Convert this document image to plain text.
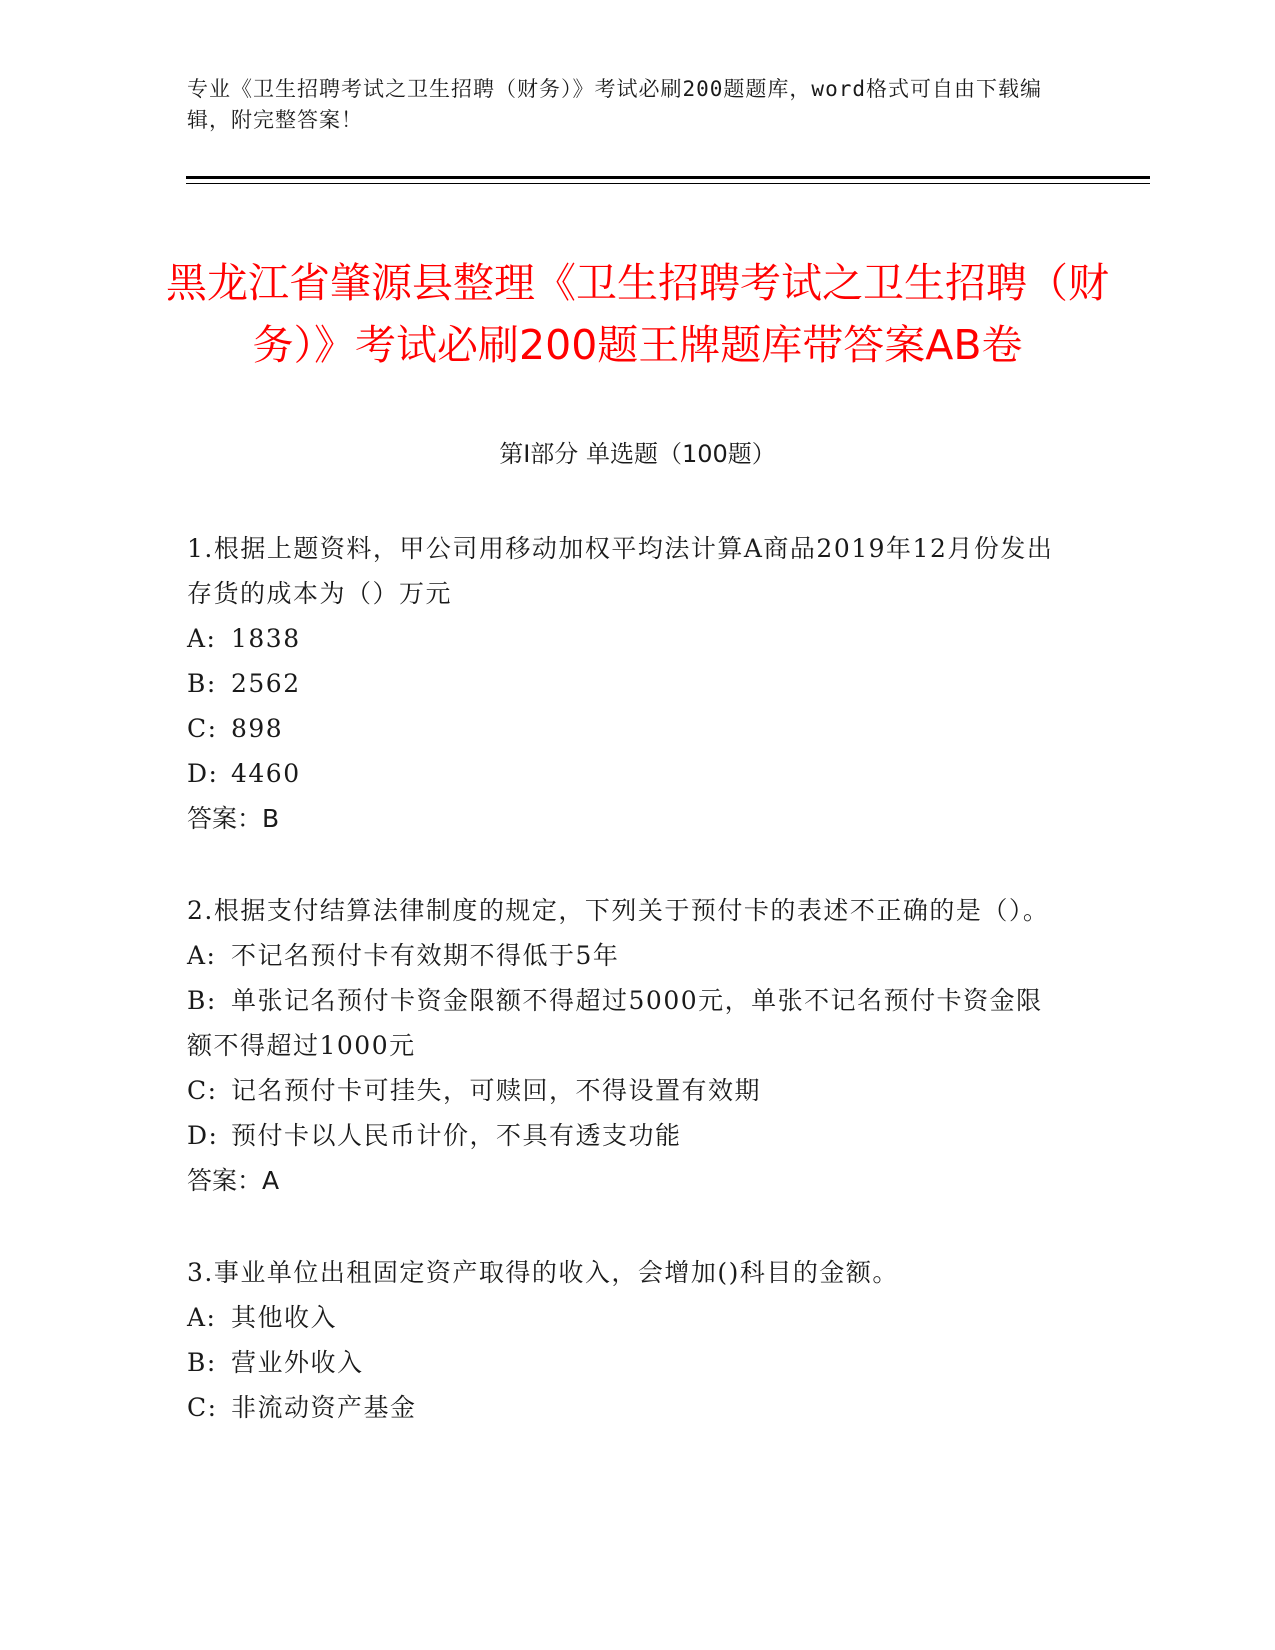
专业《卫生招聘考试之卫生招聘（财务）》考试必刷200题题库，word格式可自由下载编辑，附完整答案！
黑龙江省肇源县整理《卫生招聘考试之卫生招聘（财务）》考试必刷200题王牌题库带答案AB卷
第I部分 单选题（100题）
1.根据上题资料，甲公司用移动加权平均法计算A商品2019年12月份发出存货的成本为（）万元
A: 1838
B: 2562
C: 898
D: 4460
答案：B
2.根据支付结算法律制度的规定，下列关于预付卡的表述不正确的是（）。
A: 不记名预付卡有效期不得低于5年
B: 单张记名预付卡资金限额不得超过5000元，单张不记名预付卡资金限额不得超过1000元
C: 记名预付卡可挂失，可赎回，不得设置有效期
D: 预付卡以人民币计价，不具有透支功能
答案：A
3.事业单位出租固定资产取得的收入，会增加()科目的金额。
A: 其他收入
B: 营业外收入
C: 非流动资产基金
